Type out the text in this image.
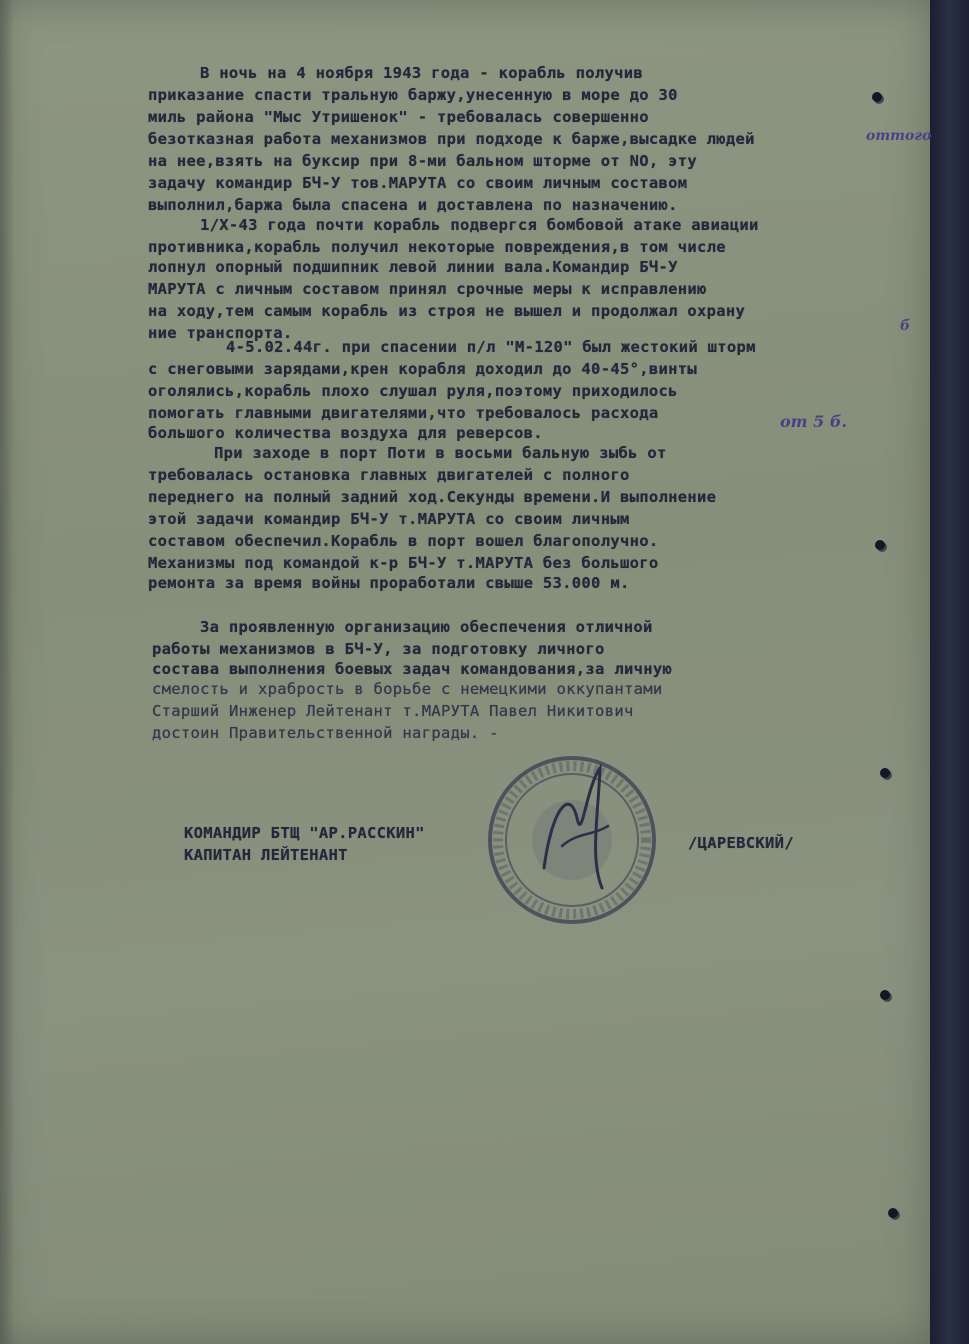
В ночь на 4 ноября 1943 года - корабль получив
приказание спасти тральную баржу,унесенную в море до 30
миль района "Мыс Утришенок" - требовалась совершенно
безотказная работа механизмов при подходе к барже,высадке людей
на нее,взять на буксир при 8-ми бальном шторме от NO, эту
задачу командир БЧ-У тов.МАРУТА со своим личным составом
выполнил,баржа была спасена и доставлена по назначению.
1/X-43 года почти корабль подвергся бомбовой атаке авиации
противника,корабль получил некоторые повреждения,в том числе
лопнул опорный подшипник левой линии вала.Командир БЧ-У
МАРУТА с личным составом принял срочные меры к исправлению
на ходу,тем самым корабль из строя не вышел и продолжал охрану
ние транспорта.
4-5.02.44г. при спасении п/л "М-120" был жестокий шторм
с снеговыми зарядами,крен корабля доходил до 40-45°,винты
оголялись,корабль плохо слушал руля,поэтому приходилось
помогать главными двигателями,что требовалось расхода
большого количества воздуха для реверсов.
При заходе в порт Поти в восьми бальную зыбь от
требовалась остановка главных двигателей с полного
переднего на полный задний ход.Секунды времени.И выполнение
этой задачи командир БЧ-У т.МАРУТА со своим личным
составом обеспечил.Корабль в порт вошел благополучно.
Механизмы под командой к-р БЧ-У т.МАРУТА без большого
ремонта за время войны проработали свыше 53.000 м.
За проявленную организацию обеспечения отличной
работы механизмов в БЧ-У, за подготовку личного
состава выполнения боевых задач командования,за личную
смелость и храбрость в борьбе с немецкими оккупантами
Старший Инженер Лейтенант т.МАРУТА Павел Никитович
достоин Правительственной награды. -
КОМАНДИР БТЩ "АР.РАССКИН"
КАПИТАН ЛЕЙТЕНАНТ
/ЦАРЕВСКИЙ/
оттого
от 5 б.
б
